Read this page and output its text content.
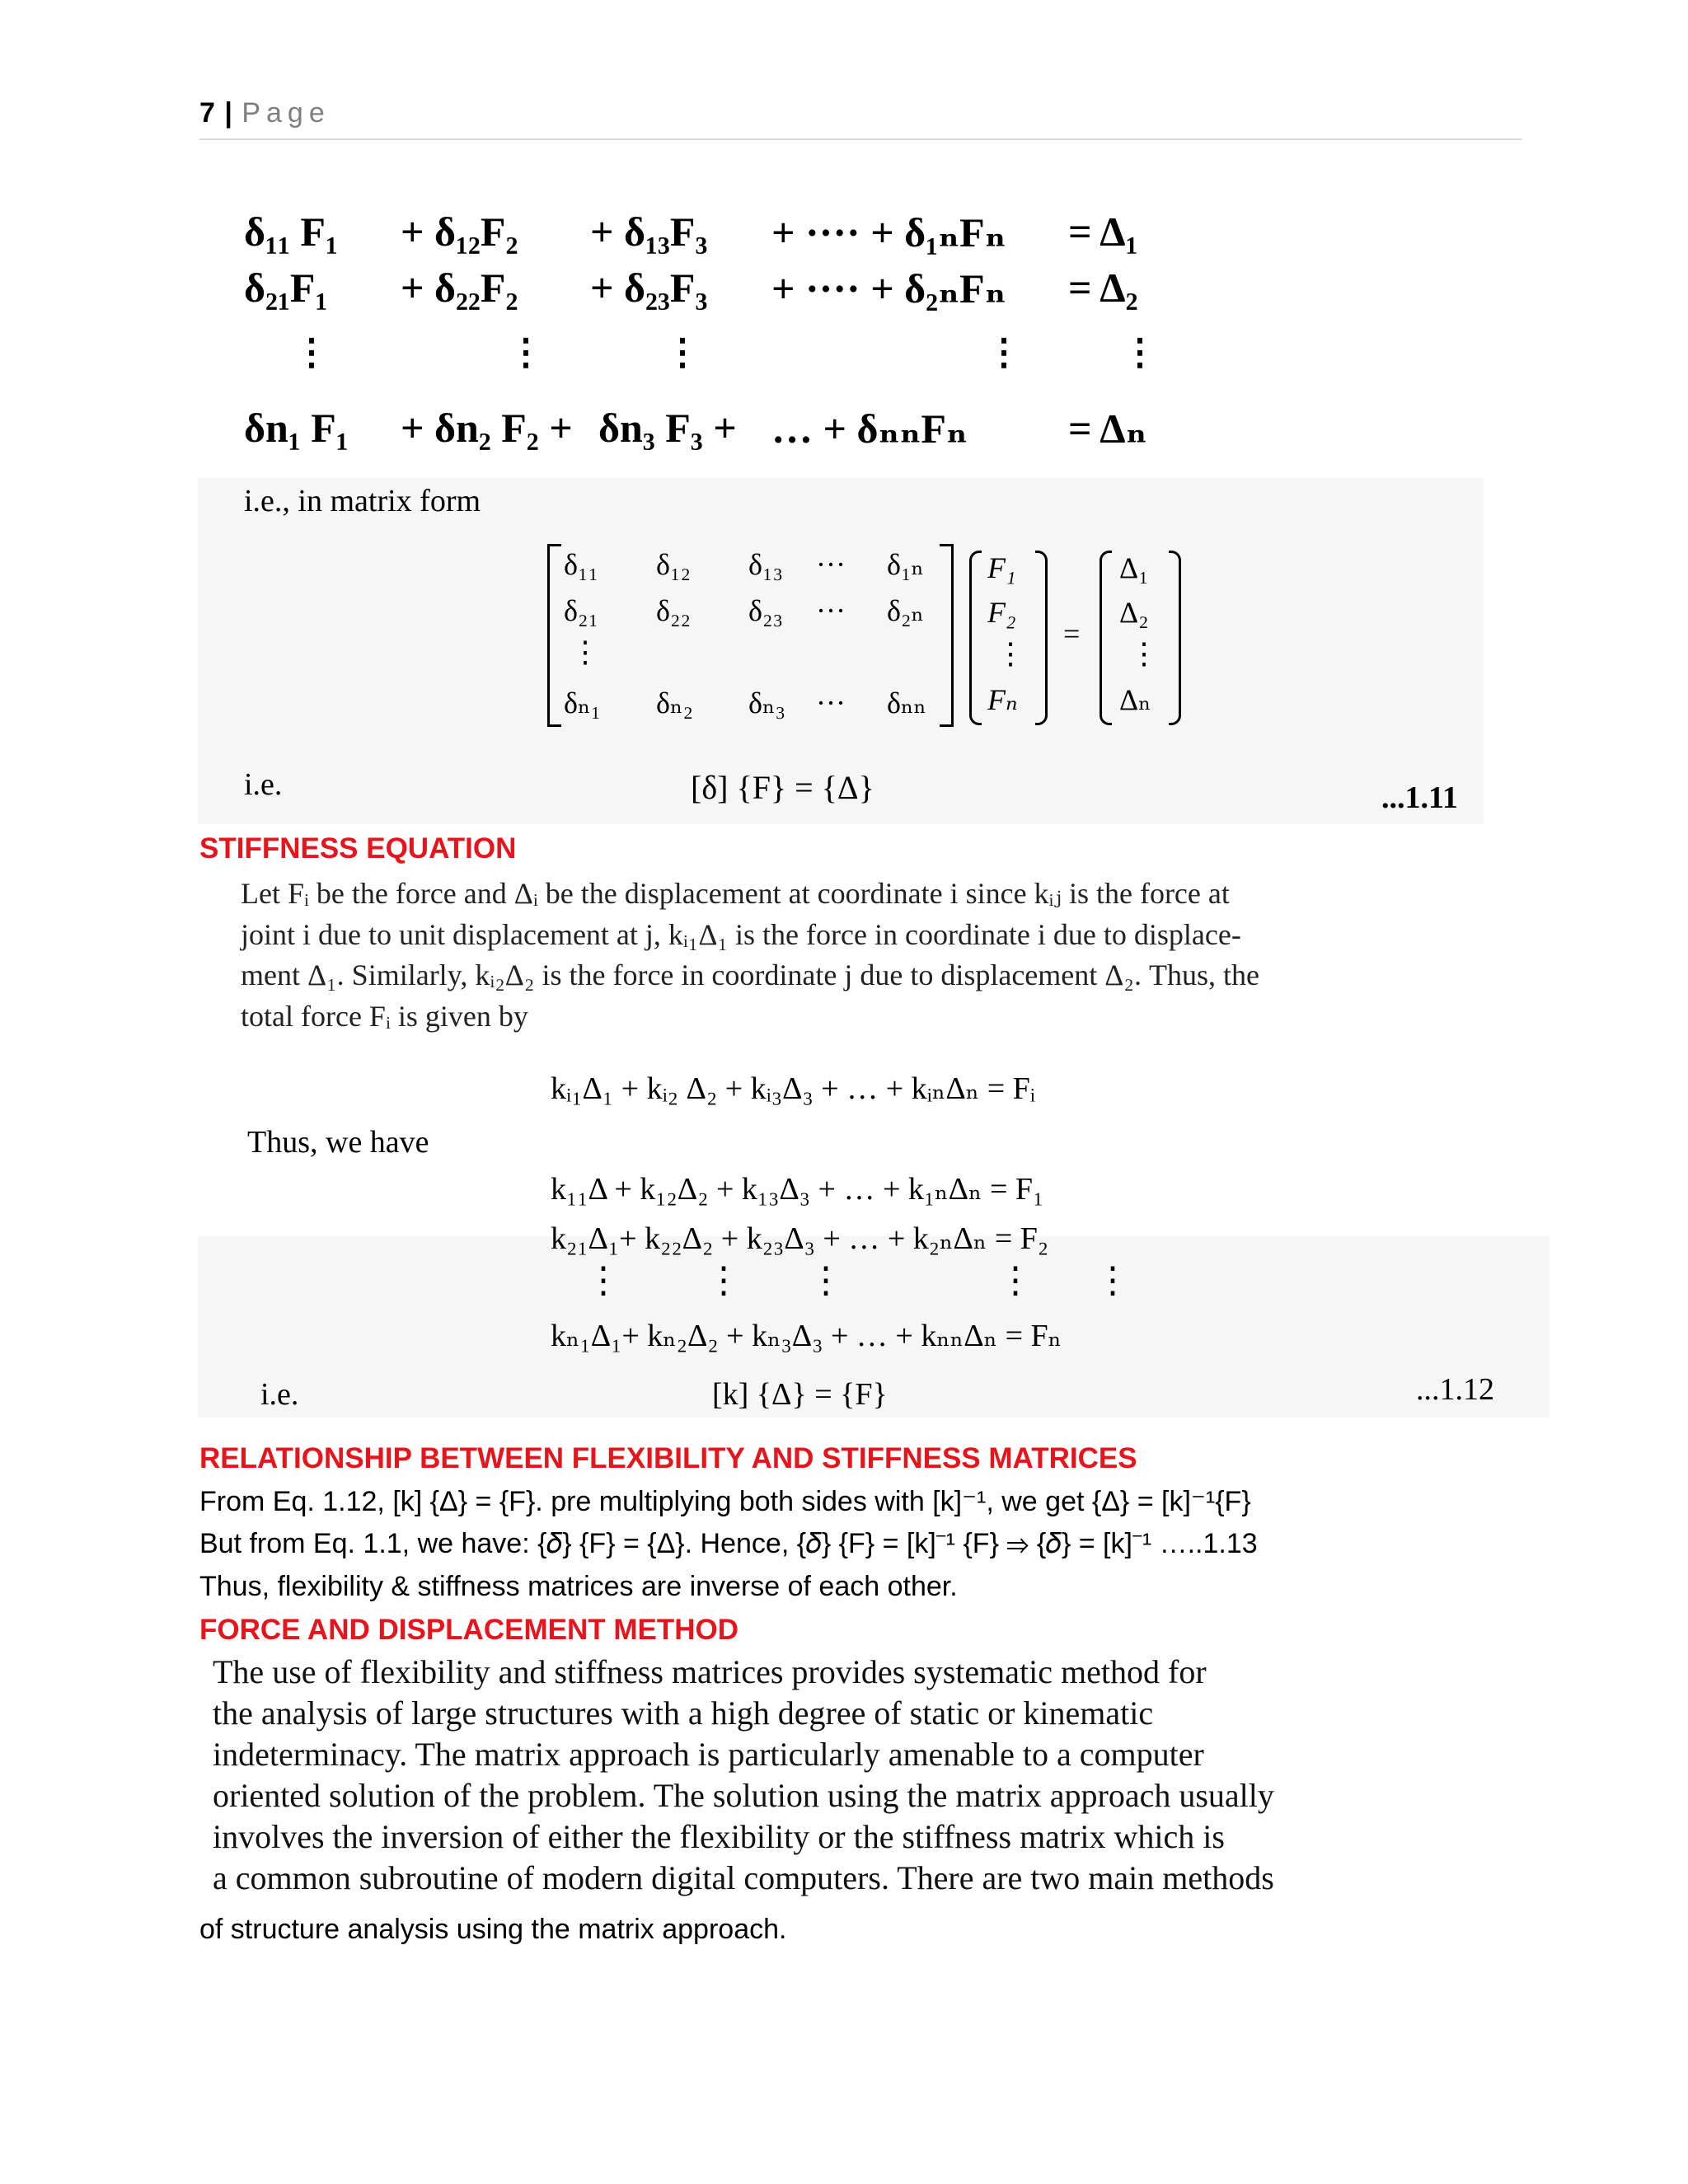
7 | Page
δ₁₁ F₁ + δ₁₂F₂ + δ₁₃F₃ + ···· + δ₁ₙFₙ = Δ₁
δ₂₁F₁ + δ₂₂F₂ + δ₂₃F₃ + ···· + δ₂ₙFₙ = Δ₂
⋮	⋮	⋮	⋮	⋮
δn₁ F₁ + δn₂ F₂ + δn₃ F₃ + … + δₙₙFₙ = Δₙ
i.e., in matrix form
δ₁₁ δ₁₂ δ₁₃ ··· δ₁ₙ
δ₂₁ δ₂₂ δ₂₃ ··· δ₂ₙ
⋮
δₙ₁ δₙ₂ δₙ₃ ··· δₙₙ
F₁
F₂
⋮
Fₙ
=
Δ₁
Δ₂
⋮
Δₙ
i.e.	[δ] {F} = {Δ}	...1.11
STIFFNESS EQUATION
Let Fᵢ be the force and Δᵢ be the displacement at coordinate i since kᵢⱼ is the force at
joint i due to unit displacement at j, kᵢ₁Δ₁ is the force in coordinate i due to displace-
ment Δ₁. Similarly, kᵢ₂Δ₂ is the force in coordinate j due to displacement Δ₂. Thus, the
total force Fᵢ is given by
kᵢ₁Δ₁ + kᵢ₂ Δ₂ + kᵢ₃Δ₃ + … + kᵢₙΔₙ = Fᵢ
Thus, we have
k₁₁Δ + k₁₂Δ₂ + k₁₃Δ₃ + … + k₁ₙΔₙ = F₁
k₂₁Δ₁+ k₂₂Δ₂ + k₂₃Δ₃ + … + k₂ₙΔₙ = F₂
⋮ ⋮ ⋮	⋮ ⋮
kₙ₁Δ₁+ kₙ₂Δ₂ + kₙ₃Δ₃ + … + kₙₙΔₙ = Fₙ
i.e.	[k] {Δ} = {F}	...1.12
RELATIONSHIP BETWEEN FLEXIBILITY AND STIFFNESS MATRICES
From Eq. 1.12, [k] {Δ} = {F}. pre multiplying both sides with [k]⁻¹, we get {Δ} = [k]⁻¹{F}
But from Eq. 1.1, we have: {𝛿} {F} = {Δ}. Hence, {𝛿} {F} = [k]⁻¹ {F} ⇒ {𝛿} = [k]⁻¹ …..1.13
Thus, flexibility & stiffness matrices are inverse of each other.
FORCE AND DISPLACEMENT METHOD
The use of flexibility and stiffness matrices provides systematic method for
the analysis of large structures with a high degree of static or kinematic
indeterminacy. The matrix approach is particularly amenable to a computer
oriented solution of the problem. The solution using the matrix approach usually
involves the inversion of either the flexibility or the stiffness matrix which is
a common subroutine of modern digital computers. There are two main methods
of structure analysis using the matrix approach.
